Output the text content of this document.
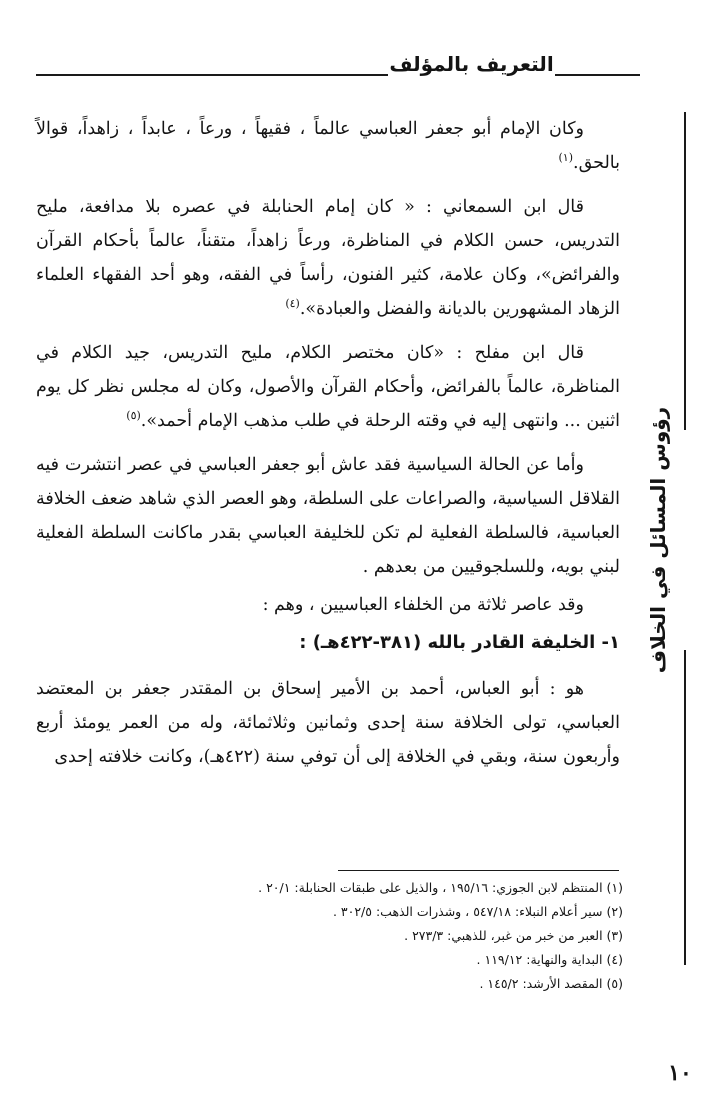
التعريف بالمؤلف
رؤوس المسائل في الخلاف

وكان الإمام أبو جعفر العباسي عالماً ، فقيهاً ، ورعاً ، عابداً ، زاهداً، قوالاً بالحق.$^{(١)}$

قال ابن السمعاني : « كان إمام الحنابلة في عصره بلا مدافعة، مليح التدريس، حسن الكلام في المناظرة، ورعاً زاهداً، متقناً، عالماً بأحكام القرآن والفرائض»، وكان علامة، كثير الفنون، رأساً في الفقه، وهو أحد الفقهاء العلماء الزهاد المشهورين بالديانة والفضل والعبادة».$^{(٤)}$

قال ابن مفلح : «كان مختصر الكلام، مليح التدريس، جيد الكلام في المناظرة، عالماً بالفرائض، وأحكام القرآن والأصول، وكان له مجلس نظر كل يوم اثنين ... وانتهى إليه في وقته الرحلة في طلب مذهب الإمام أحمد».$^{(٥)}$

وأما عن الحالة السياسية فقد عاش أبو جعفر العباسي في عصر انتشرت فيه القلاقل السياسية، والصراعات على السلطة، وهو العصر الذي شاهد ضعف الخلافة العباسية، فالسلطة الفعلية لم تكن للخليفة العباسي بقدر ماكانت السلطة الفعلية لبني بويه، وللسلجوقيين من بعدهم .

وقد عاصر ثلاثة من الخلفاء العباسيين ، وهم :

١- الخليفة القادر بالله (٣٨١-٤٢٢هـ) :

هو : أبو العباس، أحمد بن الأمير إسحاق بن المقتدر جعفر بن المعتضد العباسي، تولى الخلافة سنة إحدى وثمانين وثلاثمائة، وله من العمر يومئذ أربع وأربعون سنة، وبقي في الخلافة إلى أن توفي سنة (٤٢٢هـ)، وكانت خلافته إحدى

(١) المنتظم لابن الجوزي: ١٩٥/١٦ ، والذيل على طبقات الحنابلة: ٢٠/١ .
(٢) سير أعلام النبلاء: ٥٤٧/١٨ ، وشذرات الذهب: ٣٠٢/٥ .
(٣) العبر من خبر من غبر، للذهبي: ٢٧٣/٣ .
(٤) البداية والنهاية: ١١٩/١٢ .
(٥) المقصد الأرشد: ١٤٥/٢ .
١٠
